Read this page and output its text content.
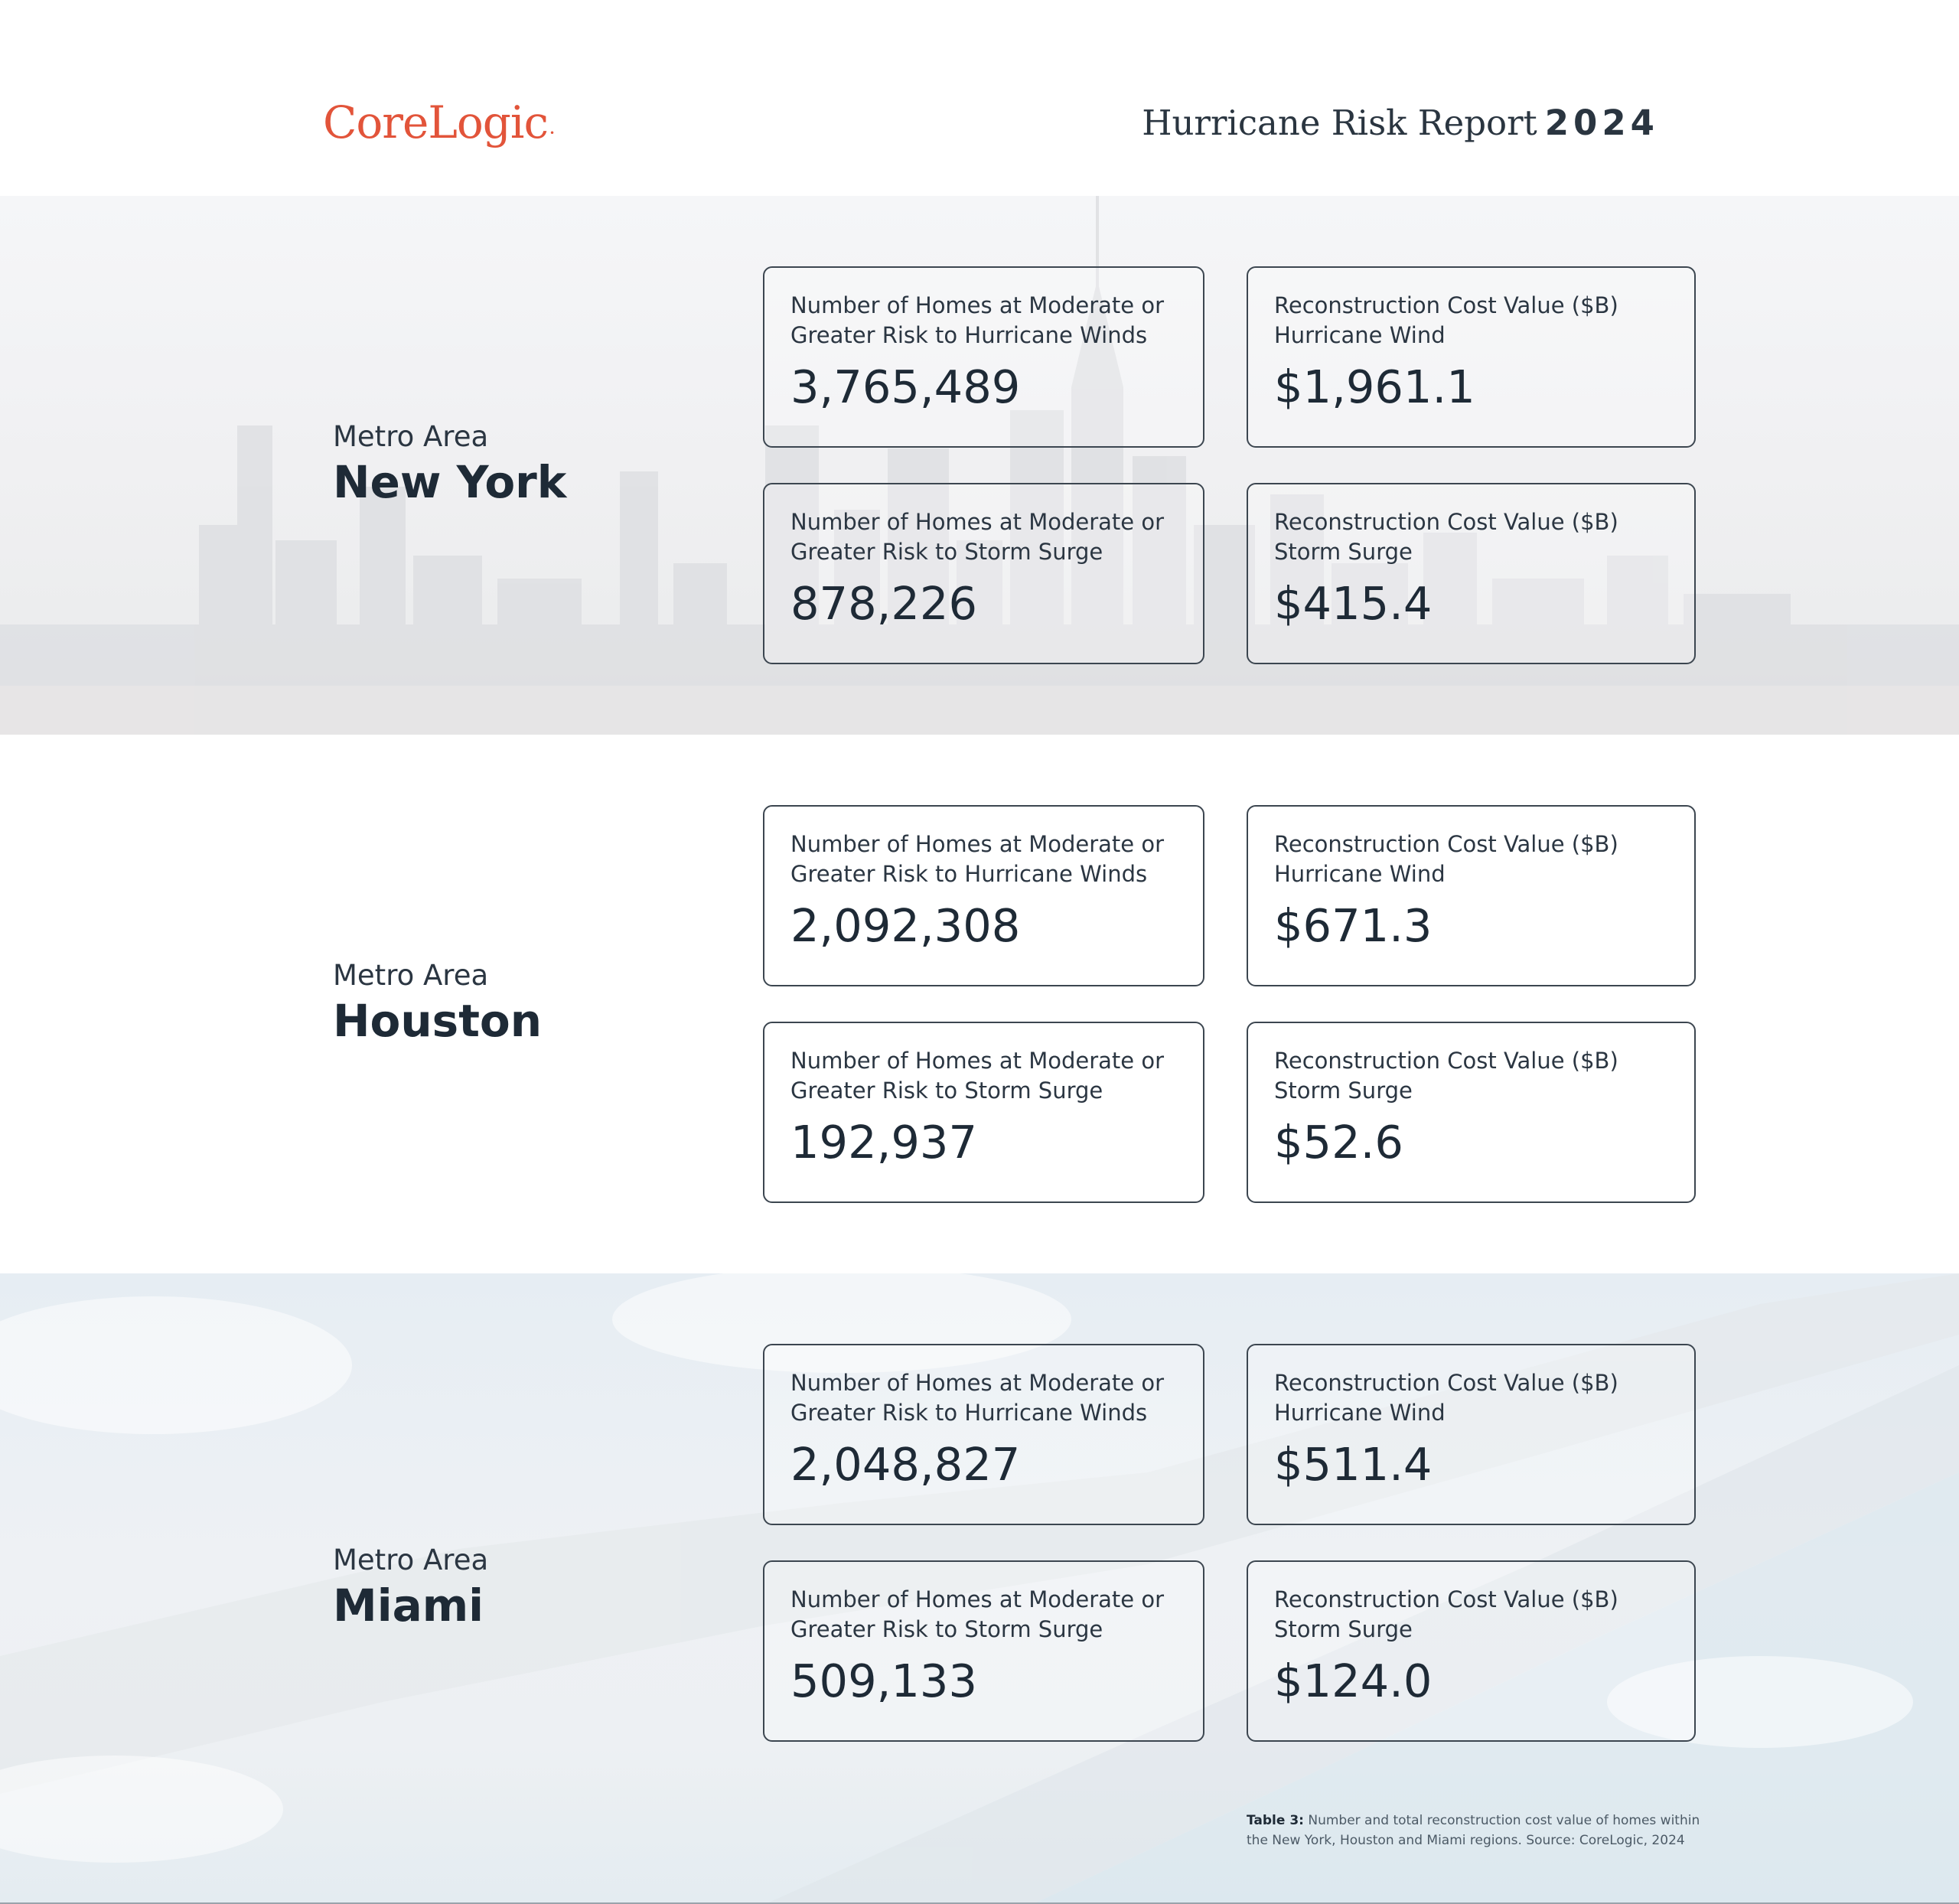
CoreLogic •	Hurricane Risk Report 2024
Metro Area
New York
Number of Homes at Moderate or Greater Risk to Hurricane Winds
3,765,489
Reconstruction Cost Value ($B) Hurricane Wind
$1,961.1
Number of Homes at Moderate or Greater Risk to Storm Surge
878,226
Reconstruction Cost Value ($B) Storm Surge
$415.4
Metro Area
Houston
Number of Homes at Moderate or Greater Risk to Hurricane Winds
2,092,308
Reconstruction Cost Value ($B) Hurricane Wind
$671.3
Number of Homes at Moderate or Greater Risk to Storm Surge
192,937
Reconstruction Cost Value ($B) Storm Surge
$52.6
Metro Area
Miami
Number of Homes at Moderate or Greater Risk to Hurricane Winds
2,048,827
Reconstruction Cost Value ($B) Hurricane Wind
$511.4
Number of Homes at Moderate or Greater Risk to Storm Surge
509,133
Reconstruction Cost Value ($B) Storm Surge
$124.0
Table 3: Number and total reconstruction cost value of homes within the New York, Houston and Miami regions. Source: CoreLogic, 2024
